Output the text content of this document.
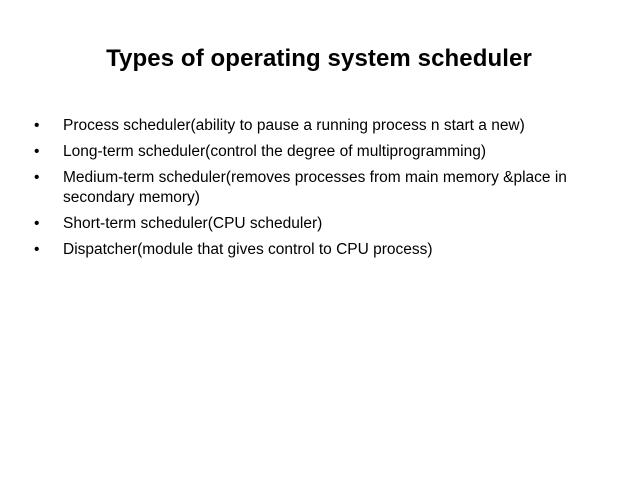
Types of operating system scheduler
• Process scheduler(ability to pause a running process n start a new)
• Long-term scheduler(control the degree of multiprogramming)
• Medium-term scheduler(removes processes from main memory &place in secondary memory)
• Short-term scheduler(CPU scheduler)
• Dispatcher(module that gives control to CPU process)
